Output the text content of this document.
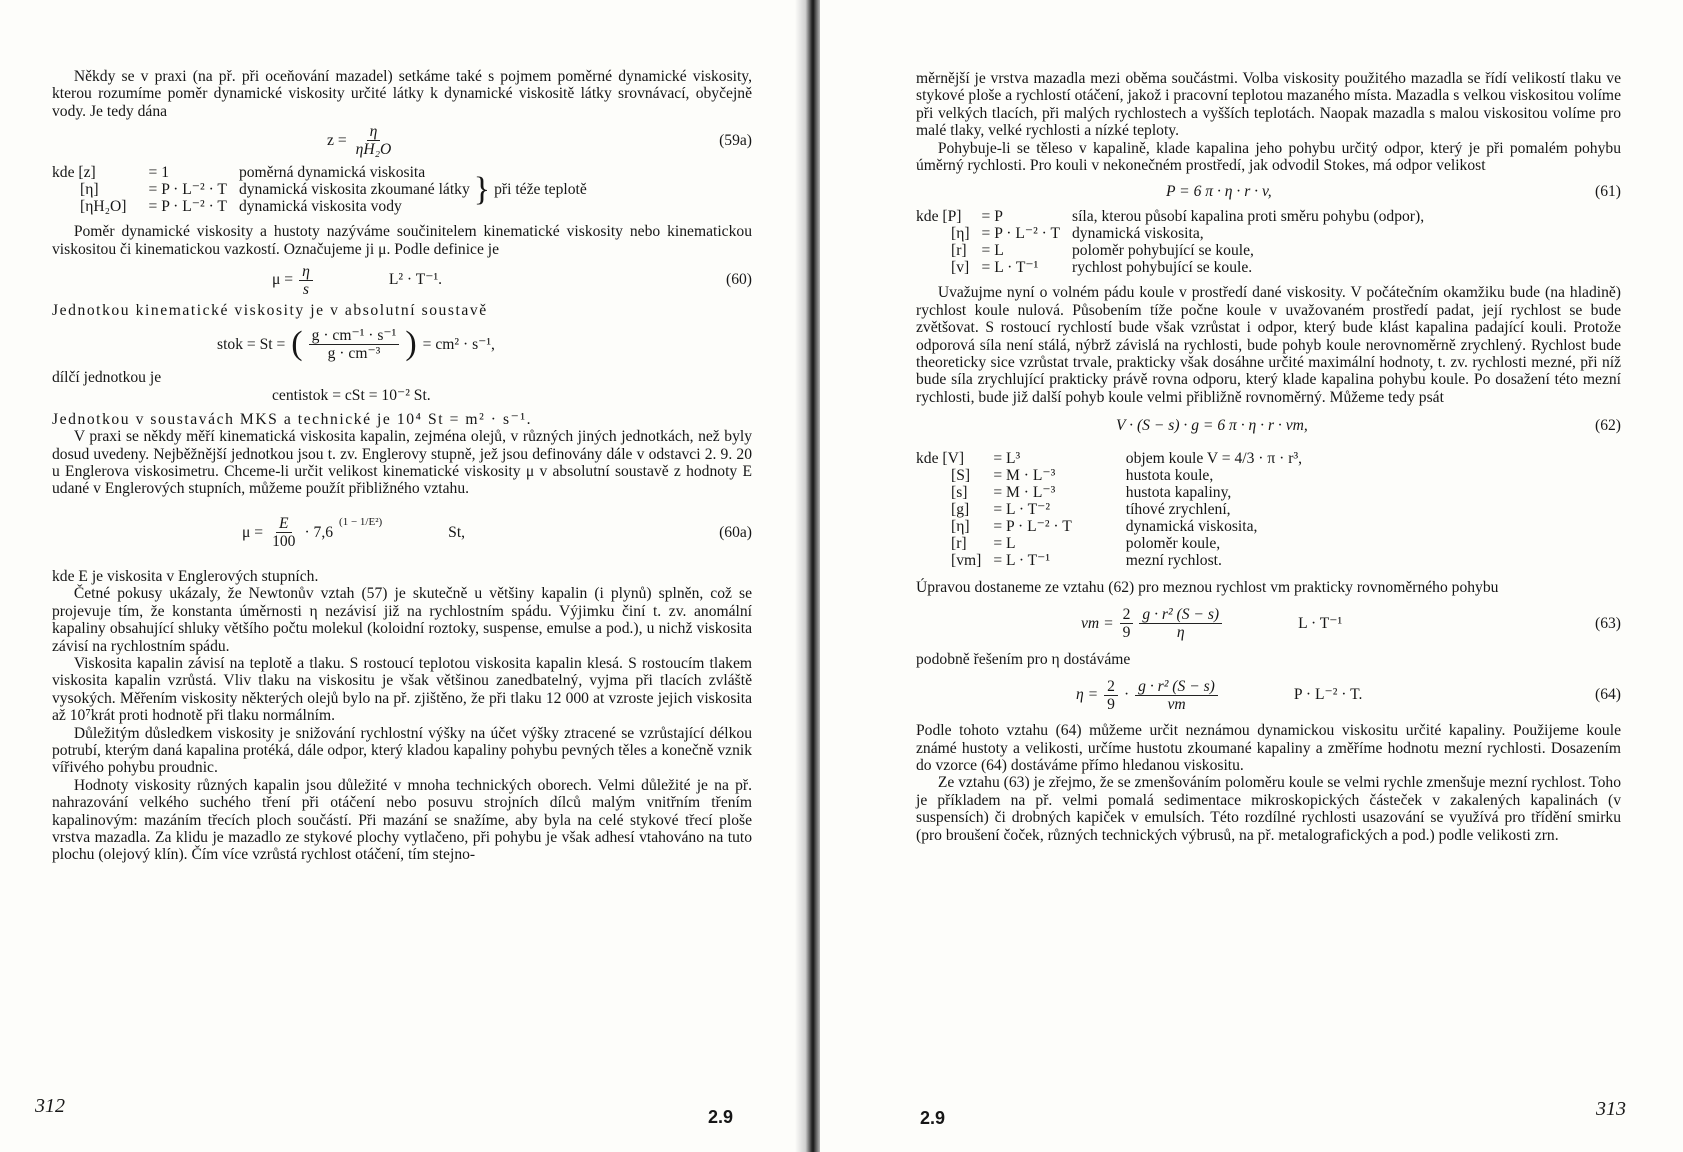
Někdy se v praxi (na př. při oceňování mazadel) setkáme také s pojmem poměrné dynamické viskosity, kterou rozumíme poměr dynamické viskosity určité látky k dynamické viskositě látky srovnávací, obyčejně vody. Je tedy dána

$z = \frac{\eta}{\text{ηH₂O}}$	(59a)
kde [z]	= 1	poměrná dynamická viskosita
[η]	= P · L⁻² · T	dynamická viskosita zkoumané látky
[ηH₂O]	= P · L⁻² · T	dynamická viskosita vody } při téže teplotě

Poměr dynamické viskosity a hustoty nazýváme součinitelem kinematické viskosity nebo kinematickou viskositou či kinematickou vazkostí. Označujeme ji μ. Podle definice je

$\mu = \frac{\eta}{s}$	L² · T⁻¹.	(60)

Jednotkou kinematické viskosity je v absolutní soustavě

stok = St = ( $\frac{\text{g · cm⁻¹ · s⁻¹}}{\text{g · cm⁻³}}$ ) = cm² · s⁻¹,

dílčí jednotkou je

centistok = cSt = 10⁻² St.

Jednotkou v soustavách MKS a technické je 10⁴ St = m² · s⁻¹.

V praxi se někdy měří kinematická viskosita kapalin, zejména olejů, v různých jiných jednotkách, než byly dosud uvedeny. Nejběžnější jednotkou jsou t. zv. Englerovy stupně, jež jsou definovány dále v odstavci 2. 9. 20 u Englerova viskosimetru. Chceme-li určit velikost kinematické viskosity μ v absolutní soustavě z hodnoty E udané v Englerových stupních, můžeme použít přibližného vztahu.

$\mu = \frac{E}{100} \cdot 7,6$
$^{(1 - 1/E^2)}$
St,	(60a)

kde E je viskosita v Englerových stupních.

Četné pokusy ukázaly, že Newtonův vztah (57) je skutečně u většiny kapalin (i plynů) splněn, což se projevuje tím, že konstanta úměrnosti η nezávisí již na rychlostním spádu. Výjimku činí t. zv. anomální kapaliny obsahující shluky většího počtu molekul (koloidní roztoky, suspense, emulse a pod.), u nichž viskosita závisí na rychlostním spádu.

Viskosita kapalin závisí na teplotě a tlaku. S rostoucí teplotou viskosita kapalin klesá. S rostoucím tlakem viskosita kapalin vzrůstá. Vliv tlaku na viskositu je však většinou zanedbatelný, vyjma při tlacích zvláště vysokých. Měřením viskosity některých olejů bylo na př. zjištěno, že při tlaku 12 000 at vzroste jejich viskosita až 10⁷krát proti hodnotě při tlaku normálním.

Důležitým důsledkem viskosity je snižování rychlostní výšky na účet výšky ztracené se vzrůstající délkou potrubí, kterým daná kapalina protéká, dále odpor, který kladou kapaliny pohybu pevných těles a konečně vznik vířivého pohybu proudnic.

Hodnoty viskosity různých kapalin jsou důležité v mnoha technických oborech. Velmi důležité je na př. nahrazování velkého suchého tření při otáčení nebo posuvu strojních dílců malým vnitřním třením kapalinovým: mazáním třecích ploch součástí. Při mazání se snažíme, aby byla na celé stykové třecí ploše vrstva mazadla. Za klidu je mazadlo ze stykové plochy vytlačeno, při pohybu je však adhesí vtahováno na tuto plochu (olejový klín). Čím více vzrůstá rychlost otáčení, tím stejno-

312	2.9

měrnější je vrstva mazadla mezi oběma součástmi. Volba viskosity použitého mazadla se řídí velikostí tlaku ve stykové ploše a rychlostí otáčení, jakož i pracovní teplotou mazaného místa. Mazadla s velkou viskositou volíme při velkých tlacích, při malých rychlostech a vyšších teplotách. Naopak mazadla s malou viskositou volíme pro malé tlaky, velké rychlosti a nízké teploty.

Pohybuje-li se těleso v kapalině, klade kapalina jeho pohybu určitý odpor, který je při pomalém pohybu úměrný rychlosti. Pro kouli v nekonečném prostředí, jak odvodil Stokes, má odpor velikost

P = 6 π · η · r · v,	(61)
kde [P]	= P	síla, kterou působí kapalina proti směru pohybu (odpor),
[η]	= P · L⁻² · T	dynamická viskosita,
[r]	= L	poloměr pohybující se koule,
[v]	= L · T⁻¹	rychlost pohybující se koule.

Uvažujme nyní o volném pádu koule v prostředí dané viskosity. V počátečním okamžiku bude (na hladině) rychlost koule nulová. Působením tíže počne koule v uvažovaném prostředí padat, její rychlost se bude zvětšovat. S rostoucí rychlostí bude však vzrůstat i odpor, který bude klást kapalina padající kouli. Protože odporová síla není stálá, nýbrž závislá na rychlosti, bude pohyb koule nerovnoměrně zrychlený. Rychlost bude theoreticky sice vzrůstat trvale, prakticky však dosáhne určité maximální hodnoty, t. zv. rychlosti mezné, při níž bude síla zrychlující prakticky právě rovna odporu, který klade kapalina pohybu koule. Po dosažení této mezní rychlosti, bude již další pohyb koule velmi přibližně rovnoměrný. Můžeme tedy psát

V · (S − s) · g = 6 π · η · r · vm,	(62)
kde [V]	= L³	objem koule V = 4/3 · π · r³,
[S]	= M · L⁻³	hustota koule,
[s]	= M · L⁻³	hustota kapaliny,
[g]	= L · T⁻²	tíhové zrychlení,
[η]	= P · L⁻² · T	dynamická viskosita,
[r]	= L	poloměr koule,
[vm]	= L · T⁻¹	mezní rychlost.

Úpravou dostaneme ze vztahu (62) pro meznou rychlost vm prakticky rovnoměrného pohybu

vm = $\frac{2}{9} \frac{\text{g · r² (S − s)}}{\eta}$	L · T⁻¹	(63)

podobně řešením pro η dostáváme

$\eta = \frac{2}{9} \cdot \frac{\text{g · r² (S − s)}}{vm}$	P · L⁻² · T.	(64)

Podle tohoto vztahu (64) můžeme určit neznámou dynamickou viskositu určité kapaliny. Použijeme koule známé hustoty a velikosti, určíme hustotu zkoumané kapaliny a změříme hodnotu mezní rychlosti. Dosazením do vzorce (64) dostáváme přímo hledanou viskositu.

Ze vztahu (63) je zřejmo, že se zmenšováním poloměru koule se velmi rychle zmenšuje mezní rychlost. Toho je příkladem na př. velmi pomalá sedimentace mikroskopických částeček v zakalených kapalinách (v suspensích) či drobných kapiček v emulsích. Této rozdílné rychlosti usazování se využívá pro třídění smirku (pro broušení čoček, různých technických výbrusů, na př. metalografických a pod.) podle velikosti zrn.

2.9	313
